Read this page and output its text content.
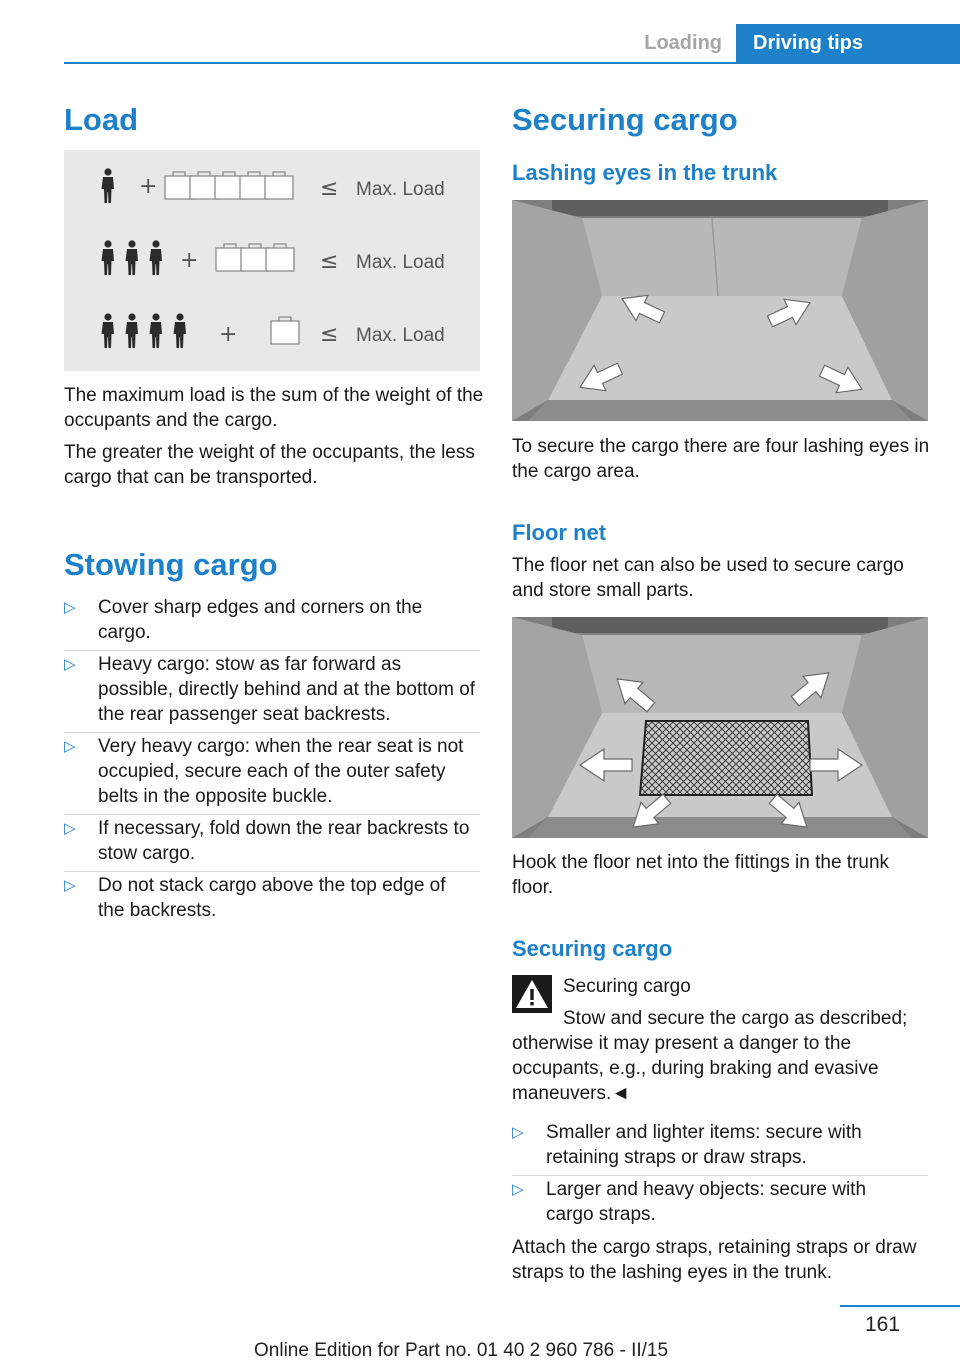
Loading	Driving tips
Load
+	≤ Max. Load
+	≤ Max. Load
+	≤ Max. Load

The maximum load is the sum of the weight of the occupants and the cargo.

The greater the weight of the occupants, the less cargo that can be transported.

Stowing cargo
▷ Cover sharp edges and corners on the cargo.
▷ Heavy cargo: stow as far forward as possible, directly behind and at the bottom of the rear passenger seat backrests.
▷ Very heavy cargo: when the rear seat is not occupied, secure each of the outer safety belts in the opposite buckle.
▷ If necessary, fold down the rear backrests to stow cargo.
▷ Do not stack cargo above the top edge of the backrests.
Securing cargo
Lashing eyes in the trunk

To secure the cargo there are four lashing eyes in the cargo area.

Floor net

The floor net can also be used to secure cargo and store small parts.

Hook the floor net into the fittings in the trunk floor.

Securing cargo

Securing cargo

Stow and secure the cargo as described; otherwise it may present a danger to the occupants, e.g., during braking and evasive maneuvers.◄

▷ Smaller and lighter items: secure with retaining straps or draw straps.
▷ Larger and heavy objects: secure with cargo straps.

Attach the cargo straps, retaining straps or draw straps to the lashing eyes in the trunk.

161
Online Edition for Part no. 01 40 2 960 786 - II/15
